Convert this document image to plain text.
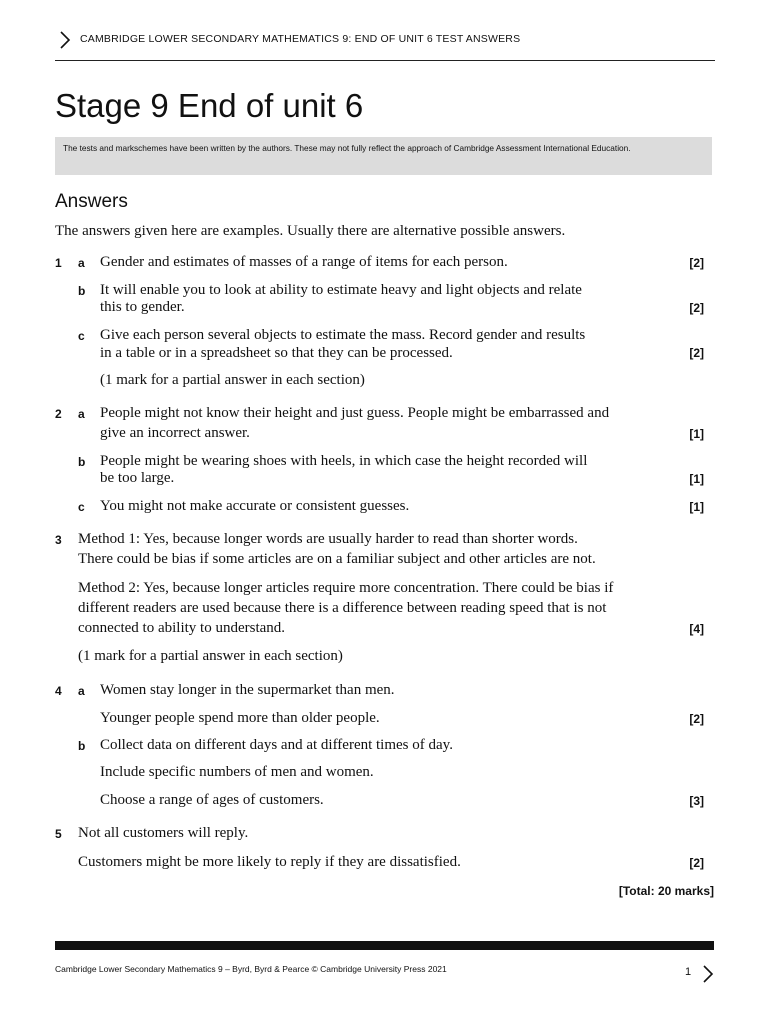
CAMBRIDGE LOWER SECONDARY MATHEMATICS 9: END OF UNIT 6 TEST ANSWERS
Stage 9 End of unit 6
The tests and markschemes have been written by the authors. These may not fully reflect the approach of Cambridge Assessment International Education.
Answers
The answers given here are examples. Usually there are alternative possible answers.
1 a Gender and estimates of masses of a range of items for each person.	[2]
b It will enable you to look at ability to estimate heavy and light objects and relate
this to gender.	[2]
c Give each person several objects to estimate the mass. Record gender and results
in a table or in a spreadsheet so that they can be processed.	[2]
(1 mark for a partial answer in each section)
2 a People might not know their height and just guess. People might be embarrassed and
give an incorrect answer.	[1]
b People might be wearing shoes with heels, in which case the height recorded will
be too large.	[1]
c You might not make accurate or consistent guesses.	[1]
3 Method 1: Yes, because longer words are usually harder to read than shorter words.
There could be bias if some articles are on a familiar subject and other articles are not.
Method 2: Yes, because longer articles require more concentration. There could be bias if
different readers are used because there is a difference between reading speed that is not
connected to ability to understand.	[4]
(1 mark for a partial answer in each section)
4 a Women stay longer in the supermarket than men.
Younger people spend more than older people.	[2]
b Collect data on different days and at different times of day.
Include specific numbers of men and women.
Choose a range of ages of customers.	[3]
5 Not all customers will reply.
Customers might be more likely to reply if they are dissatisfied.	[2]
[Total: 20 marks]
Cambridge Lower Secondary Mathematics 9 – Byrd, Byrd & Pearce © Cambridge University Press 2021	1
